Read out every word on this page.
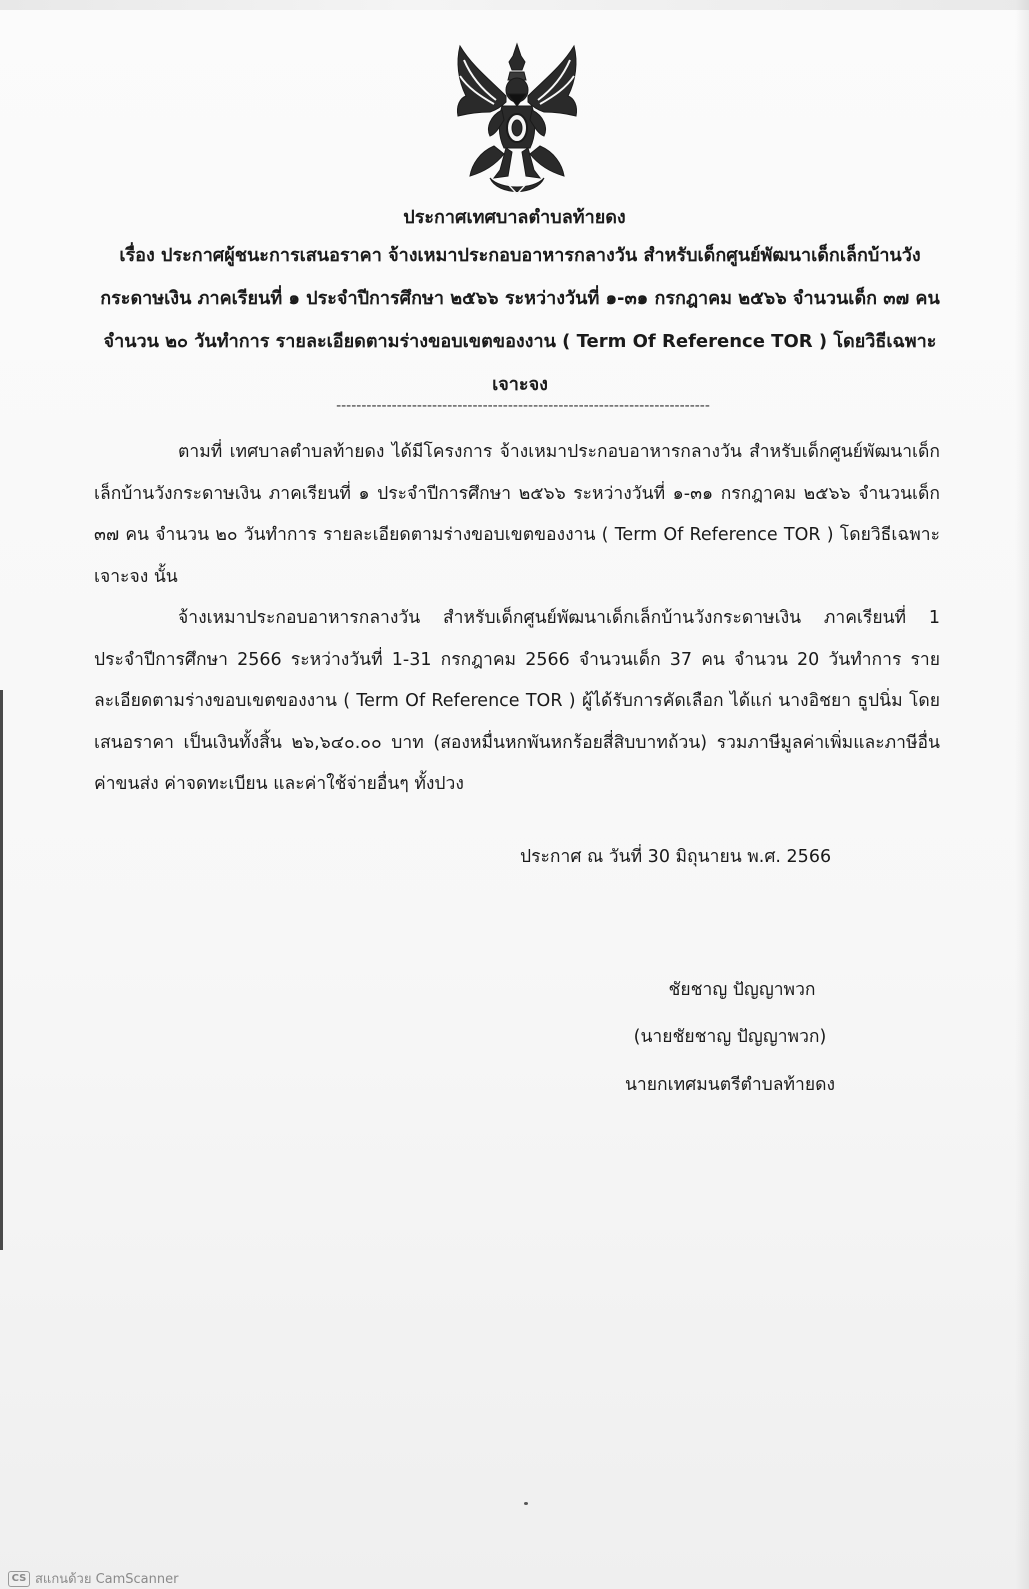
ประกาศเทศบาลตำบลท้ายดง
เรื่อง ประกาศผู้ชนะการเสนอราคา จ้างเหมาประกอบอาหารกลางวัน สำหรับเด็กศูนย์พัฒนาเด็กเล็กบ้านวังกระดาษเงิน ภาคเรียนที่ ๑ ประจำปีการศึกษา ๒๕๖๖ ระหว่างวันที่ ๑-๓๑ กรกฎาคม ๒๕๖๖ จำนวนเด็ก ๓๗ คน จำนวน ๒๐ วันทำการ รายละเอียดตามร่างขอบเขตของงาน ( Term Of Reference TOR ) โดยวิธีเฉพาะเจาะจง
--------------------------------------------------------------------------
ตามที่ เทศบาลตำบลท้ายดง ได้มีโครงการ จ้างเหมาประกอบอาหารกลางวัน สำหรับเด็กศูนย์พัฒนาเด็กเล็กบ้านวังกระดาษเงิน ภาคเรียนที่ ๑ ประจำปีการศึกษา ๒๕๖๖ ระหว่างวันที่ ๑-๓๑ กรกฎาคม ๒๕๖๖ จำนวนเด็ก ๓๗ คน จำนวน ๒๐ วันทำการ รายละเอียดตามร่างขอบเขตของงาน ( Term Of Reference TOR ) โดยวิธีเฉพาะเจาะจง นั้น
จ้างเหมาประกอบอาหารกลางวัน สำหรับเด็กศูนย์พัฒนาเด็กเล็กบ้านวังกระดาษเงิน ภาคเรียนที่ 1 ประจำปีการศึกษา 2566 ระหว่างวันที่ 1-31 กรกฎาคม 2566 จำนวนเด็ก 37 คน จำนวน 20 วันทำการ รายละเอียดตามร่างขอบเขตของงาน ( Term Of Reference TOR ) ผู้ได้รับการคัดเลือก ได้แก่ นางอิชยา ธูปนิ่ม โดยเสนอราคา เป็นเงินทั้งสิ้น ๒๖,๖๔๐.๐๐ บาท (สองหมื่นหกพันหกร้อยสี่สิบบาทถ้วน) รวมภาษีมูลค่าเพิ่มและภาษีอื่น ค่าขนส่ง ค่าจดทะเบียน และค่าใช้จ่ายอื่นๆ ทั้งปวง
ประกาศ ณ วันที่ 30 มิถุนายน พ.ศ. 2566
ชัยชาญ ปัญญาพวก
(นายชัยชาญ ปัญญาพวก)
นายกเทศมนตรีตำบลท้ายดง
CS สแกนด้วย CamScanner
